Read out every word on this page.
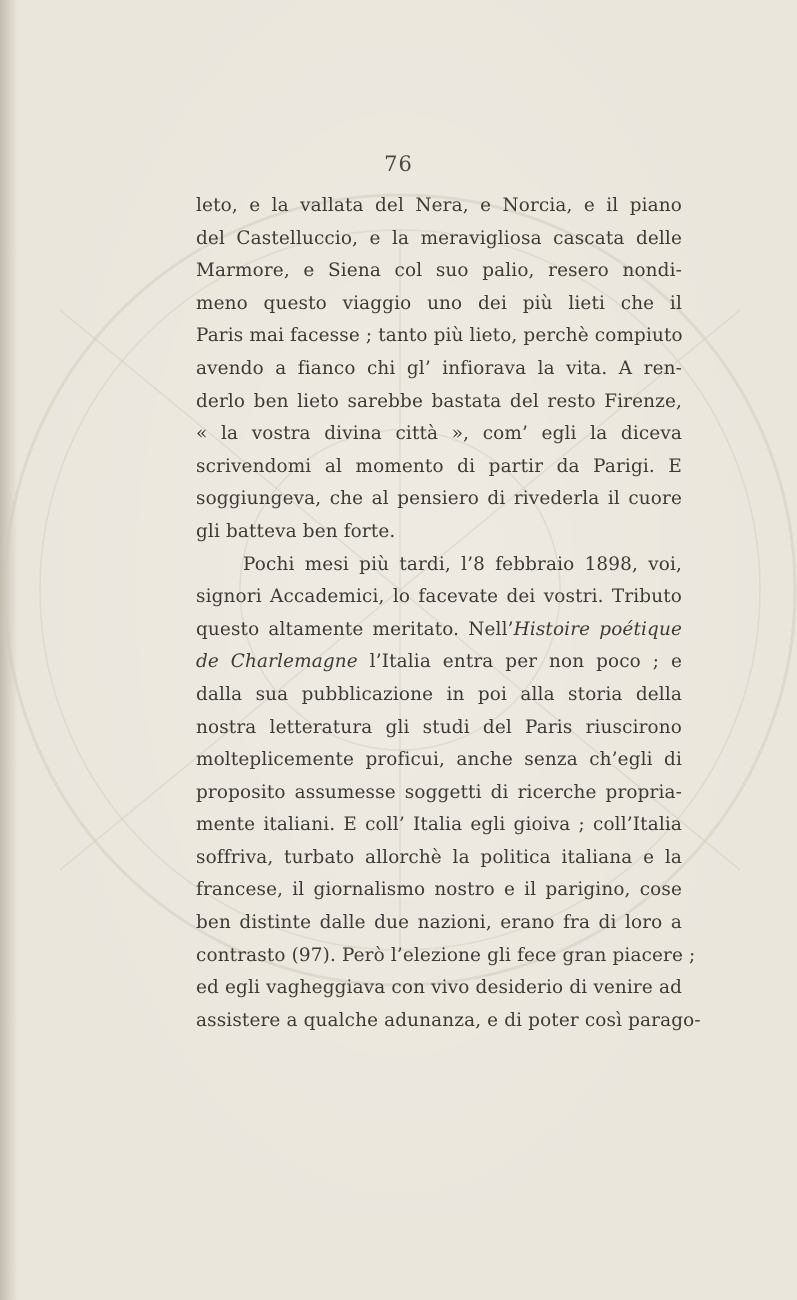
76
leto, e la vallata del Nera, e Norcia, e il piano
del Castelluccio, e la meravigliosa cascata delle
Marmore, e Siena col suo palio, resero nondi-
meno questo viaggio uno dei più lieti che il
Paris mai facesse ; tanto più lieto, perchè compiuto
avendo a fianco chi gl’ infiorava la vita. A ren-
derlo ben lieto sarebbe bastata del resto Firenze,
« la vostra divina città », com’ egli la diceva
scrivendomi al momento di partir da Parigi. E
soggiungeva, che al pensiero di rivederla il cuore
gli batteva ben forte.
Pochi mesi più tardi, l’8 febbraio 1898, voi,
signori Accademici, lo facevate dei vostri. Tributo
questo altamente meritato. Nell’Histoire poétique
de Charlemagne l’Italia entra per non poco ; e
dalla sua pubblicazione in poi alla storia della
nostra letteratura gli studi del Paris riuscirono
molteplicemente proficui, anche senza ch’egli di
proposito assumesse soggetti di ricerche propria-
mente italiani. E coll’ Italia egli gioiva ; coll’Italia
soffriva, turbato allorchè la politica italiana e la
francese, il giornalismo nostro e il parigino, cose
ben distinte dalle due nazioni, erano fra di loro a
contrasto (97). Però l’elezione gli fece gran piacere ;
ed egli vagheggiava con vivo desiderio di venire ad
assistere a qualche adunanza, e di poter così parago-
